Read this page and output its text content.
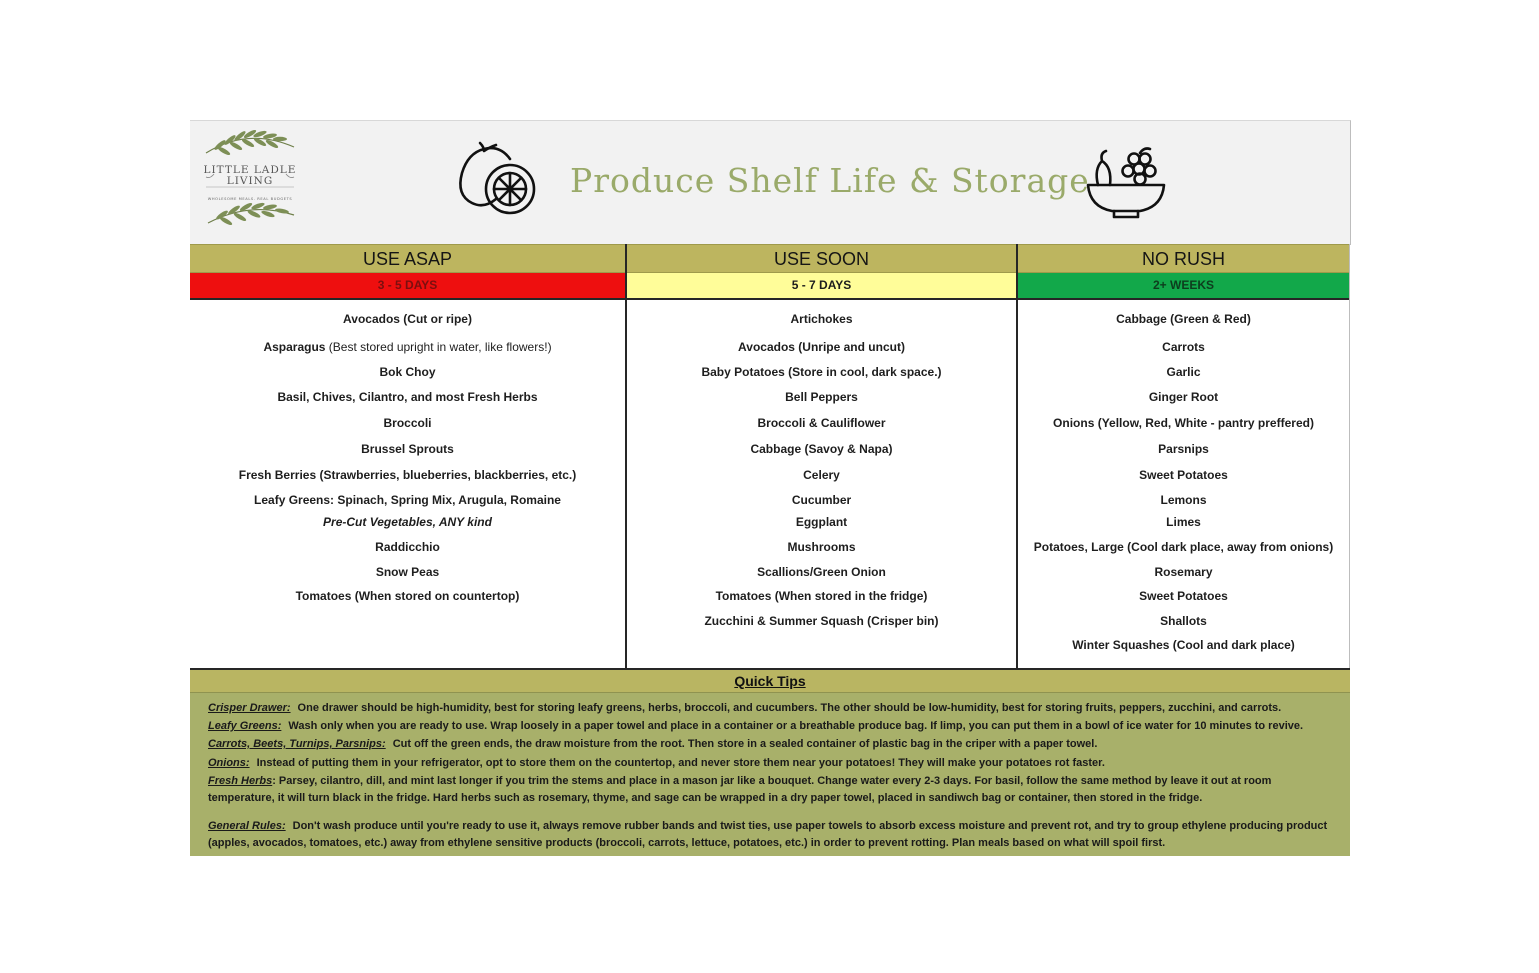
LITTLE LADLE LIVING
WHOLESOME MEALS. REAL BUDGETS	Produce Shelf Life & Storage
USE ASAP
3 - 5 DAYS
Avocados (Cut or ripe)
Asparagus (Best stored upright in water, like flowers!)
Bok Choy
Basil, Chives, Cilantro, and most Fresh Herbs
Broccoli
Brussel Sprouts
Fresh Berries (Strawberries, blueberries, blackberries, etc.)
Leafy Greens: Spinach, Spring Mix, Arugula, Romaine
Pre-Cut Vegetables, ANY kind
Raddicchio
Snow Peas
Tomatoes (When stored on countertop)
USE SOON
5 - 7 DAYS
Artichokes
Avocados (Unripe and uncut)
Baby Potatoes (Store in cool, dark space.)
Bell Peppers
Broccoli & Cauliflower
Cabbage (Savoy & Napa)
Celery
Cucumber
Eggplant
Mushrooms
Scallions/Green Onion
Tomatoes (When stored in the fridge)
Zucchini & Summer Squash (Crisper bin)
NO RUSH
2+ WEEKS
Cabbage (Green & Red)
Carrots
Garlic
Ginger Root
Onions (Yellow, Red, White - pantry preffered)
Parsnips
Sweet Potatoes
Lemons
Limes
Potatoes, Large (Cool dark place, away from onions)
Rosemary
Sweet Potatoes
Shallots
Winter Squashes (Cool and dark place)
Quick Tips
Crisper Drawer: One drawer should be high-humidity, best for storing leafy greens, herbs, broccoli, and cucumbers. The other should be low-humidity, best for storing fruits, peppers, zucchini, and carrots.
Leafy Greens: Wash only when you are ready to use. Wrap loosely in a paper towel and place in a container or a breathable produce bag. If limp, you can put them in a bowl of ice water for 10 minutes to revive.
Carrots, Beets, Turnips, Parsnips: Cut off the green ends, the draw moisture from the root. Then store in a sealed container of plastic bag in the criper with a paper towel.
Onions: Instead of putting them in your refrigerator, opt to store them on the countertop, and never store them near your potatoes! They will make your potatoes rot faster.
Fresh Herbs: Parsey, cilantro, dill, and mint last longer if you trim the stems and place in a mason jar like a bouquet. Change water every 2-3 days. For basil, follow the same method by leave it out at room temperature, it will turn black in the fridge. Hard herbs such as rosemary, thyme, and sage can be wrapped in a dry paper towel, placed in sandiwch bag or container, then stored in the fridge.
General Rules: Don't wash produce until you're ready to use it, always remove rubber bands and twist ties, use paper towels to absorb excess moisture and prevent rot, and try to group ethylene producing product (apples, avocados, tomatoes, etc.) away from ethylene sensitive products (broccoli, carrots, lettuce, potatoes, etc.) in order to prevent rotting. Plan meals based on what will spoil first.
